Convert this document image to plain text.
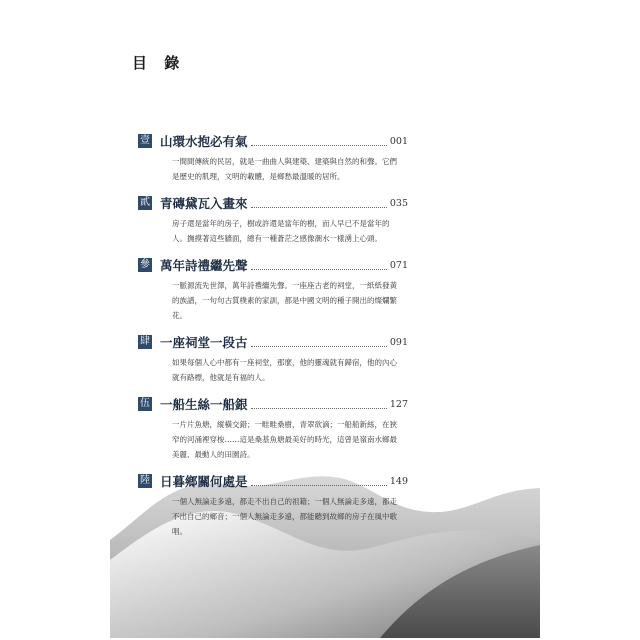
目 錄
壹 山環水抱必有氣	001
一間間傳統的民居，就是一曲曲人與建築、建築與自然的和聲。它們是歷史的肌理，文明的載體，是鄉愁最溫暖的居所。
貳 青磚黛瓦入畫來	035
房子還是當年的房子，樹或許還是當年的樹，而人早已不是當年的人。撫摸著這些牆面，總有一種蒼茫之感像潮水一樣湧上心頭。
參 萬年詩禮繼先聲	071
一脈源流先世澤，萬年詩禮繼先聲。一座座古老的祠堂，一紙紙發黃的族譜，一句句古質樸素的家訓，都是中國文明的種子開出的燦爛繁花。
肆 一座祠堂一段古	091
如果每個人心中都有一座祠堂，那麼，他的靈魂就有歸宿，他的內心就有路標，他就是有福的人。
伍 一船生絲一船銀	127
一片片魚塘，縱橫交錯；一畦畦桑樹，青翠欲滴；一船船新絲，在狹窄的河涌裡穿梭……這是桑基魚塘最美好的時光，這曾是嶺南水鄉最美麗、最動人的田園詩。
陸 日暮鄉關何處是	149
一個人無論走多遠，都走不出自己的祖籍；一個人無論走多遠，都走不出自己的鄉音；一個人無論走多遠，都能聽到故鄉的房子在風中歌唱。
